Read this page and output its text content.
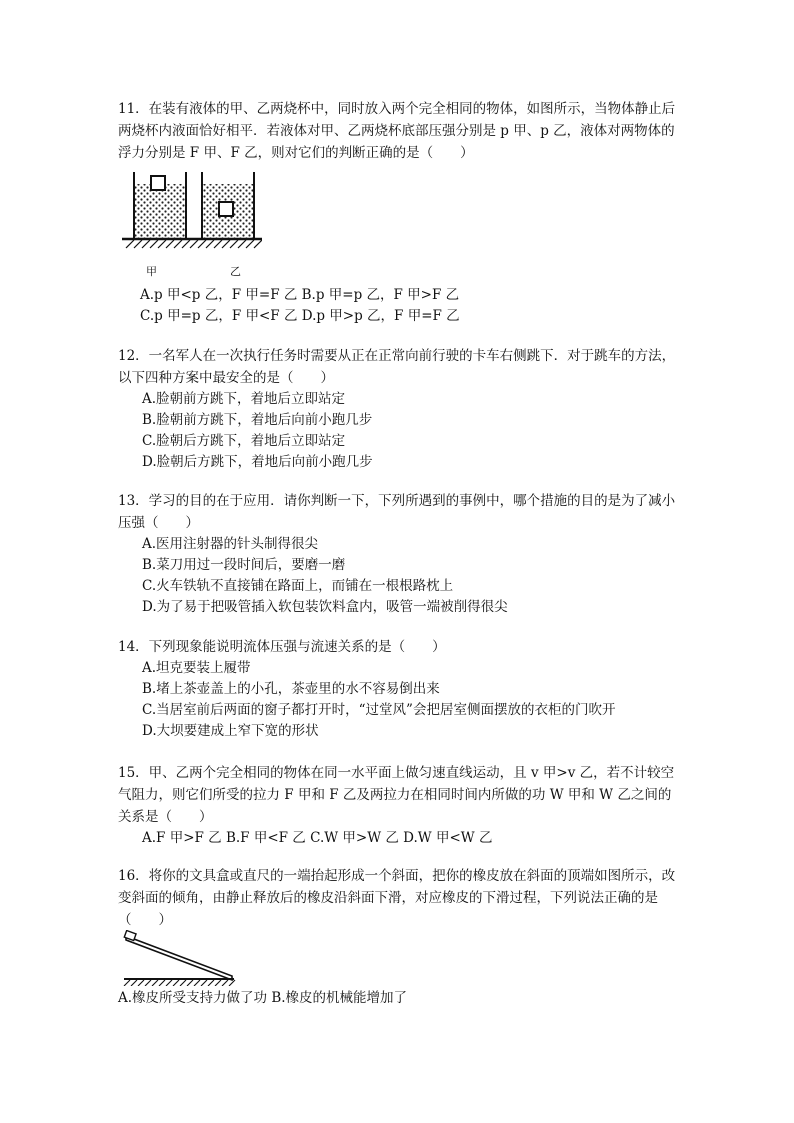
11．在装有液体的甲、乙两烧杯中，同时放入两个完全相同的物体，如图所示，当物体静止后两烧杯内液面恰好相平．若液体对甲、乙两烧杯底部压强分别是 p 甲、p 乙，液体对两物体的浮力分别是 F 甲、F 乙，则对它们的判断正确的是（　　）

甲	乙

A.p 甲<p 乙，F 甲=F 乙 B.p 甲=p 乙，F 甲>F 乙

C.p 甲=p 乙，F 甲<F 乙 D.p 甲>p 乙，F 甲=F 乙

12．一名军人在一次执行任务时需要从正在正常向前行驶的卡车右侧跳下．对于跳车的方法，以下四种方案中最安全的是（　　）

A.脸朝前方跳下，着地后立即站定

B.脸朝前方跳下，着地后向前小跑几步

C.脸朝后方跳下，着地后立即站定

D.脸朝后方跳下，着地后向前小跑几步

13．学习的目的在于应用．请你判断一下，下列所遇到的事例中，哪个措施的目的是为了减小压强（　　）

A.医用注射器的针头制得很尖

B.菜刀用过一段时间后，要磨一磨

C.火车铁轨不直接铺在路面上，而铺在一根根路枕上

D.为了易于把吸管插入软包装饮料盒内，吸管一端被削得很尖

14．下列现象能说明流体压强与流速关系的是（　　）

A.坦克要装上履带

B.堵上茶壶盖上的小孔，茶壶里的水不容易倒出来

C.当居室前后两面的窗子都打开时，“过堂风”会把居室侧面摆放的衣柜的门吹开

D.大坝要建成上窄下宽的形状

15．甲、乙两个完全相同的物体在同一水平面上做匀速直线运动，且 v 甲>v 乙，若不计较空气阻力，则它们所受的拉力 F 甲和 F 乙及两拉力在相同时间内所做的功 W 甲和 W 乙之间的关系是（　　）

A.F 甲>F 乙 B.F 甲<F 乙 C.W 甲>W 乙 D.W 甲<W 乙

16．将你的文具盒或直尺的一端抬起形成一个斜面，把你的橡皮放在斜面的顶端如图所示，改变斜面的倾角，由静止释放后的橡皮沿斜面下滑，对应橡皮的下滑过程，下列说法正确的是（　　）

A.橡皮所受支持力做了功 B.橡皮的机械能增加了
